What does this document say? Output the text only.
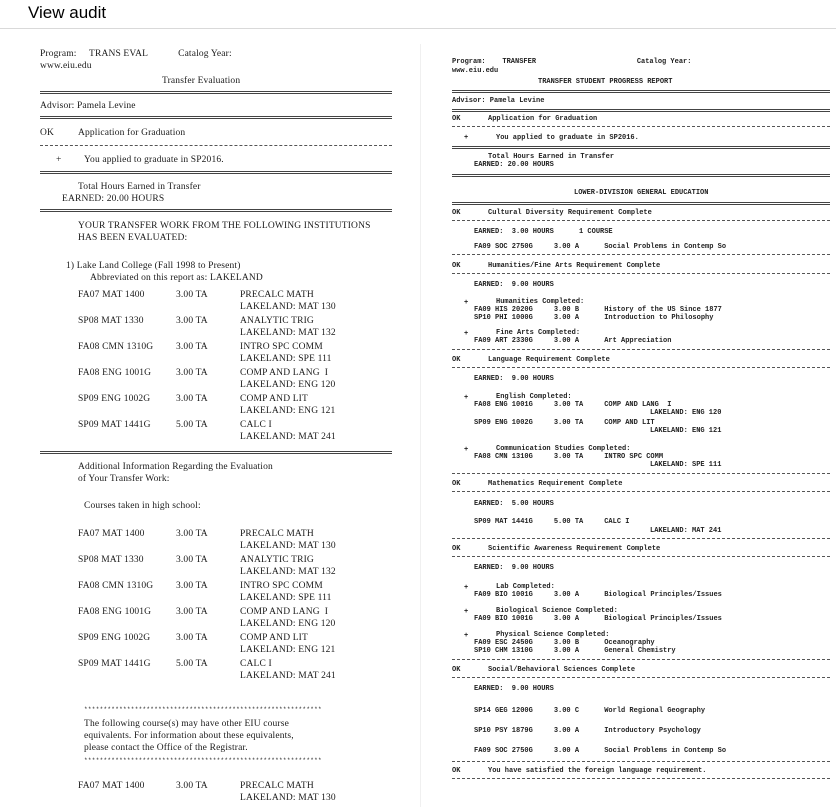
View audit
Program:     TRANS EVAL            Catalog Year:
www.eiu.edu
Transfer Evaluation
Advisor: Pamela Levine
OK	Application for Graduation
+ You applied to graduate in SP2016.
Total Hours Earned in Transfer
EARNED: 20.00 HOURS
YOUR TRANSFER WORK FROM THE FOLLOWING INSTITUTIONS
HAS BEEN EVALUATED:
1) Lake Land College (Fall 1998 to Present)
Abbreviated on this report as: LAKELAND
FA07 MAT 1400	3.00 TA	PRECALC MATH
LAKELAND: MAT 130
SP08 MAT 1330	3.00 TA	ANALYTIC TRIG
LAKELAND: MAT 132
FA08 CMN 1310G 3.00 TA	INTRO SPC COMM
LAKELAND: SPE 111
FA08 ENG 1001G	3.00 TA	COMP AND LANG  I
LAKELAND: ENG 120
SP09 ENG 1002G	3.00 TA	COMP AND LIT
LAKELAND: ENG 121
SP09 MAT 1441G	5.00 TA	CALC I
LAKELAND: MAT 241
Additional Information Regarding the Evaluation
of Your Transfer Work:
Courses taken in high school:
FA07 MAT 1400	3.00 TA	PRECALC MATH
LAKELAND: MAT 130
SP08 MAT 1330	3.00 TA	ANALYTIC TRIG
LAKELAND: MAT 132
FA08 CMN 1310G 3.00 TA	INTRO SPC COMM
LAKELAND: SPE 111
FA08 ENG 1001G	3.00 TA	COMP AND LANG  I
LAKELAND: ENG 120
SP09 ENG 1002G	3.00 TA	COMP AND LIT
LAKELAND: ENG 121
SP09 MAT 1441G	5.00 TA	CALC I
LAKELAND: MAT 241
*************************************************************
The following course(s) may have other EIU course
equivalents. For information about these equivalents,
please contact the Office of the Registrar.
*************************************************************
FA07 MAT 1400	3.00 TA	PRECALC MATH
LAKELAND: MAT 130
Program:    TRANSFER                        Catalog Year:
www.eiu.edu
TRANSFER STUDENT PROGRESS REPORT
Advisor: Pamela Levine
OK	Application for Graduation
+	You applied to graduate in SP2016.
Total Hours Earned in Transfer
EARNED: 20.00 HOURS
LOWER-DIVISION GENERAL EDUCATION
OK	Cultural Diversity Requirement Complete
EARNED:  3.00 HOURS      1 COURSE
FA09 SOC 2750G     3.00 A      Social Problems in Contemp So
OK	Humanities/Fine Arts Requirement Complete
EARNED:  9.00 HOURS
+	Humanities Completed:
FA09 HIS 2020G     3.00 B      History of the US Since 1877
SP10 PHI 1000G     3.00 A      Introduction to Philosophy
+	Fine Arts Completed:
FA09 ART 2330G     3.00 A      Art Appreciation
OK	Language Requirement Complete
EARNED:  9.00 HOURS
+	English Completed:
FA08 ENG 1001G     3.00 TA     COMP AND LANG  I
LAKELAND: ENG 120
SP09 ENG 1002G     3.00 TA     COMP AND LIT
LAKELAND: ENG 121
+	Communication Studies Completed:
FA08 CMN 1310G     3.00 TA     INTRO SPC COMM
LAKELAND: SPE 111
OK	Mathematics Requirement Complete
EARNED:  5.00 HOURS
SP09 MAT 1441G     5.00 TA     CALC I
LAKELAND: MAT 241
OK	Scientific Awareness Requirement Complete
EARNED:  9.00 HOURS
+	Lab Completed:
FA09 BIO 1001G     3.00 A      Biological Principles/Issues
+	Biological Science Completed:
FA09 BIO 1001G     3.00 A      Biological Principles/Issues
+	Physical Science Completed:
FA09 ESC 2450G     3.00 B      Oceanography
SP10 CHM 1310G     3.00 A      General Chemistry
OK	Social/Behavioral Sciences Complete
EARNED:  9.00 HOURS
SP14 GEG 1200G     3.00 C      World Regional Geography
SP10 PSY 1879G     3.00 A      Introductory Psychology
FA09 SOC 2750G     3.00 A      Social Problems in Contemp So
OK	You have satisfied the foreign language requirement.
